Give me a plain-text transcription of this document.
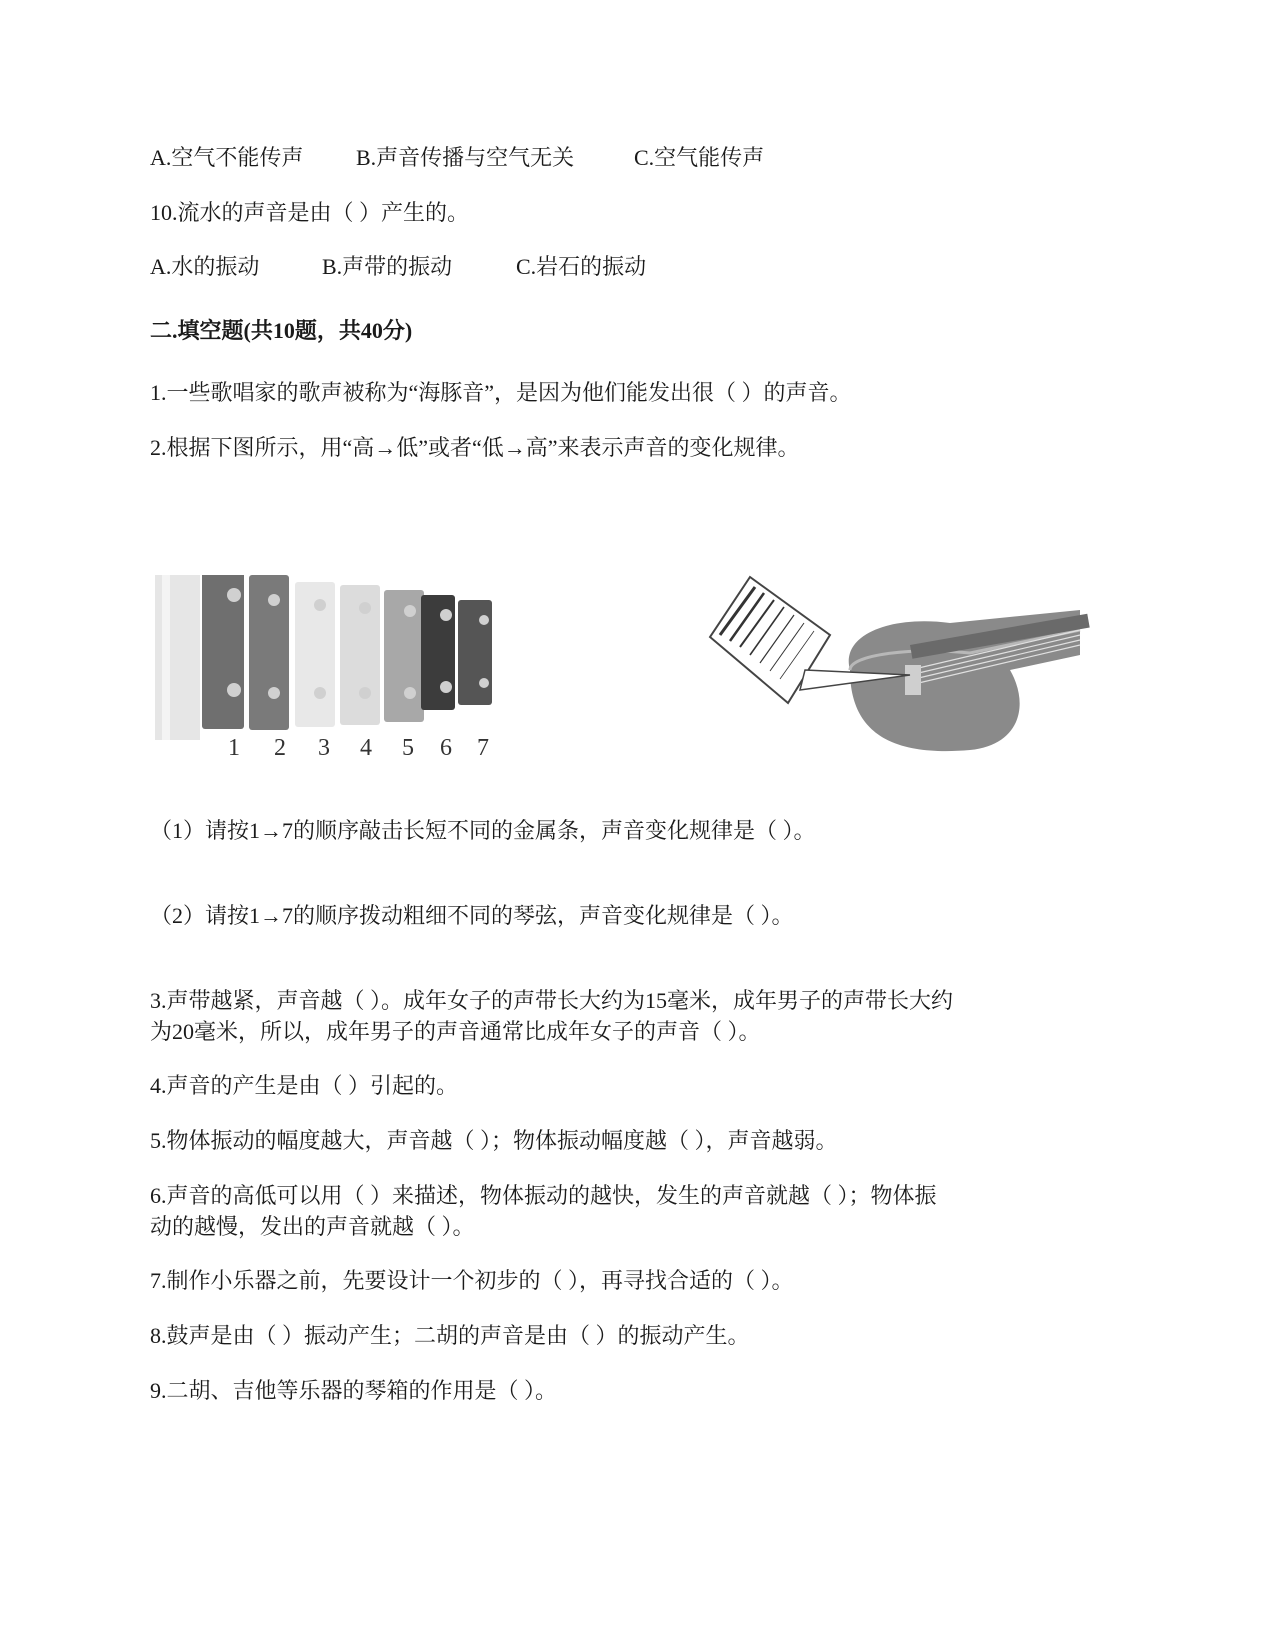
A.空气不能传声 B.声音传播与空气无关	C.空气能传声
10.流水的声音是由（ ）产生的。
A.水的振动	B.声带的振动	C.岩石的振动
二.填空题(共10题，共40分)
1.一些歌唱家的歌声被称为“海豚音”，是因为他们能发出很（ ）的声音。
2.根据下图所示，用“高→低”或者“低→高”来表示声音的变化规律。
1 2 3 4 5 6 7
（1）请按1→7的顺序敲击长短不同的金属条，声音变化规律是（ ）。
（2）请按1→7的顺序拨动粗细不同的琴弦，声音变化规律是（ ）。
3.声带越紧，声音越（ ）。成年女子的声带长大约为15毫米，成年男子的声带长大约
为20毫米，所以，成年男子的声音通常比成年女子的声音（ ）。
4.声音的产生是由（ ）引起的。
5.物体振动的幅度越大，声音越（ ）；物体振动幅度越（ ），声音越弱。
6.声音的高低可以用（ ）来描述，物体振动的越快，发生的声音就越（ ）；物体振
动的越慢，发出的声音就越（ ）。
7.制作小乐器之前，先要设计一个初步的（ ），再寻找合适的（ ）。
8.鼓声是由（ ）振动产生；二胡的声音是由（ ）的振动产生。
9.二胡、吉他等乐器的琴箱的作用是（ ）。
